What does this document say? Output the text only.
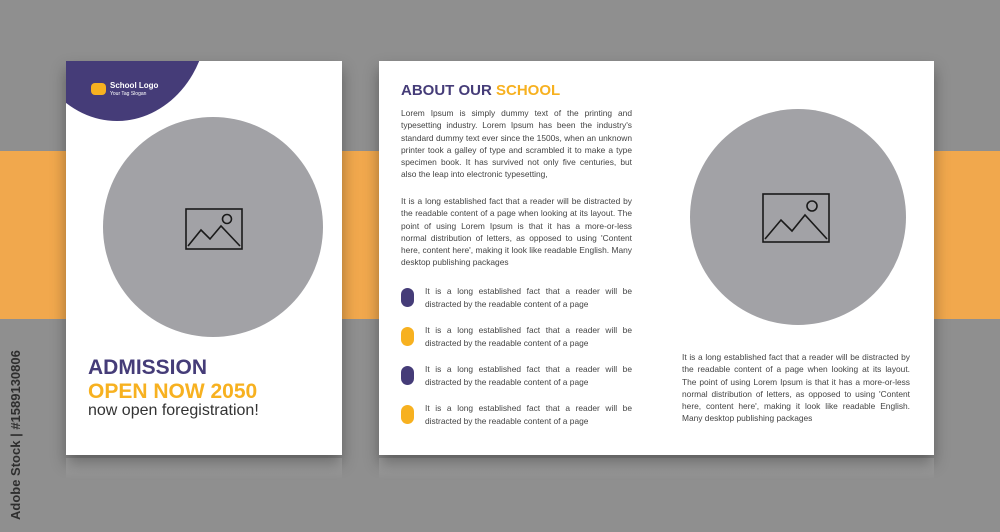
Adobe Stock | #1589130806
School Logo
Your Tag Slogan
ADMISSION
OPEN NOW 2050
now open foregistration!
ABOUT OUR SCHOOL

Lorem Ipsum is simply dummy text of the printing and typesetting industry. Lorem Ipsum has been the industry's standard dummy text ever since the 1500s, when an unknown printer took a galley of type and scrambled it to make a type specimen book. It has survived not only five centuries, but also the leap into electronic typesetting,

It is a long established fact that a reader will be distracted by the readable content of a page when looking at its layout. The point of using Lorem Ipsum is that it has a more-or-less normal distribution of letters, as opposed to using 'Content here, content here', making it look like readable English. Many desktop publishing packages

It is a long established fact that a reader will be distracted by the readable content of a page

It is a long established fact that a reader will be distracted by the readable content of a page

It is a long established fact that a reader will be distracted by the readable content of a page

It is a long established fact that a reader will be distracted by the readable content of a page

It is a long established fact that a reader will be distracted by the readable content of a page when looking at its layout. The point of using Lorem Ipsum is that it has a more-or-less normal distribution of letters, as opposed to using 'Content here, content here', making it look like readable English. Many desktop publishing packages
